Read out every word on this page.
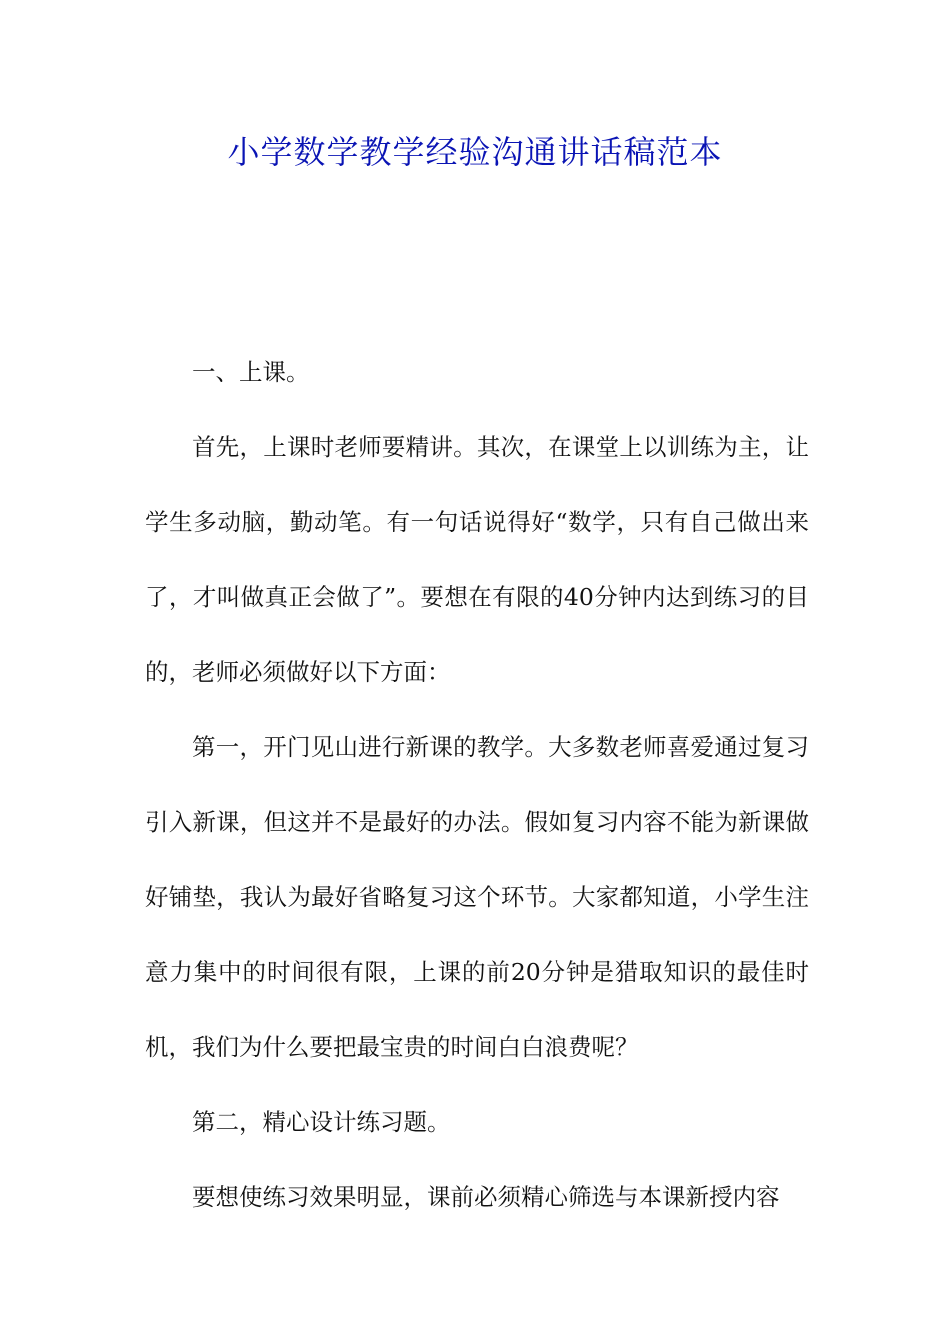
小学数学教学经验沟通讲话稿范本

一、上课。

首先，上课时老师要精讲。其次，在课堂上以训练为主，让学生多动脑，勤动笔。有一句话说得好“数学，只有自己做出来了，才叫做真正会做了”。要想在有限的40分钟内达到练习的目的，老师必须做好以下方面：

第一，开门见山进行新课的教学。大多数老师喜爱通过复习引入新课，但这并不是最好的办法。假如复习内容不能为新课做好铺垫，我认为最好省略复习这个环节。大家都知道，小学生注意力集中的时间很有限，上课的前20分钟是猎取知识的最佳时机，我们为什么要把最宝贵的时间白白浪费呢？

第二，精心设计练习题。

要想使练习效果明显，课前必须精心筛选与本课新授内容
